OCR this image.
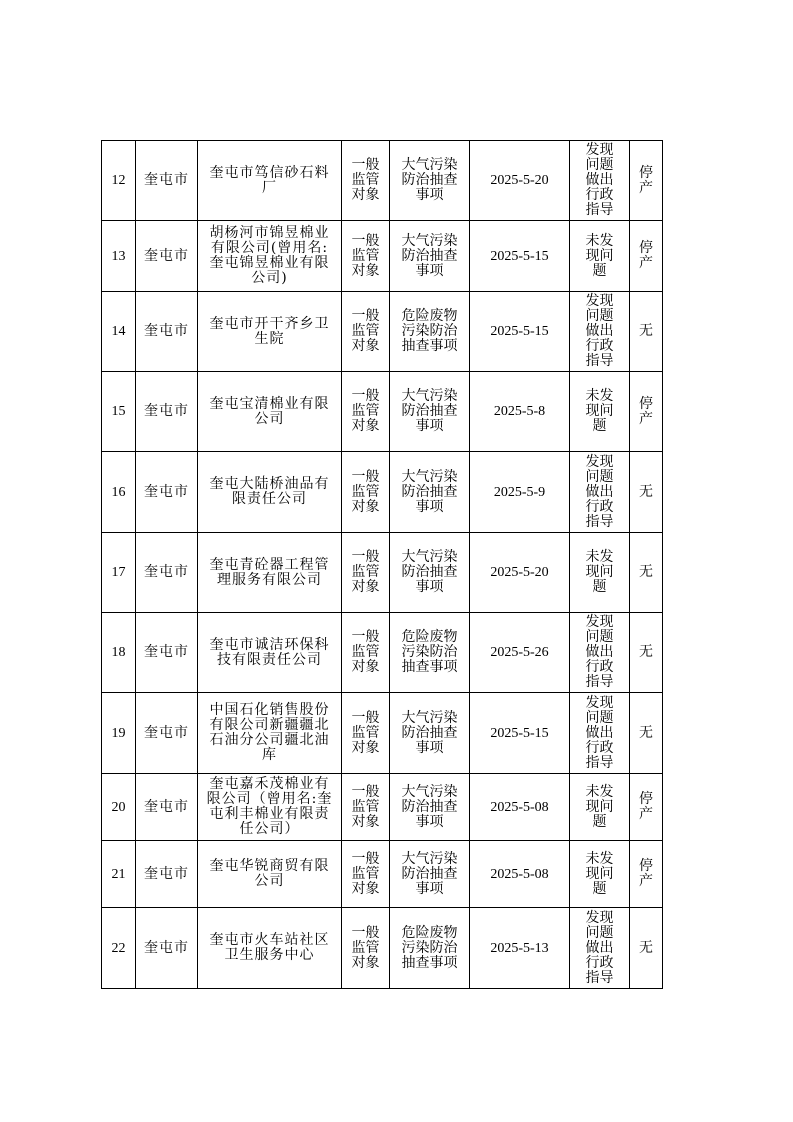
12	奎屯市	奎屯市笃信砂石料厂	一般监管对象	大气污染防治抽查事项	2025-5-20	发现问题做出行政指导	停产
13	奎屯市	胡杨河市锦昱棉业有限公司(曾用名:奎屯锦昱棉业有限公司)	一般监管对象	大气污染防治抽查事项	2025-5-15	未发现问题	停产
14	奎屯市	奎屯市开干齐乡卫生院	一般监管对象	危险废物污染防治抽查事项	2025-5-15	发现问题做出行政指导	无
15	奎屯市	奎屯宝清棉业有限公司	一般监管对象	大气污染防治抽查事项	2025-5-8	未发现问题	停产
16	奎屯市	奎屯大陆桥油品有限责任公司	一般监管对象	大气污染防治抽查事项	2025-5-9	发现问题做出行政指导	无
17	奎屯市	奎屯青砼器工程管理服务有限公司	一般监管对象	大气污染防治抽查事项	2025-5-20	未发现问题	无
18	奎屯市	奎屯市诚洁环保科技有限责任公司	一般监管对象	危险废物污染防治抽查事项	2025-5-26	发现问题做出行政指导	无
19	奎屯市	中国石化销售股份有限公司新疆疆北石油分公司疆北油库	一般监管对象	大气污染防治抽查事项	2025-5-15	发现问题做出行政指导	无
20	奎屯市	奎屯嘉禾茂棉业有限公司（曾用名:奎屯利丰棉业有限责任公司）	一般监管对象	大气污染防治抽查事项	2025-5-08	未发现问题	停产
21	奎屯市	奎屯华锐商贸有限公司	一般监管对象	大气污染防治抽查事项	2025-5-08	未发现问题	停产
22	奎屯市	奎屯市火车站社区卫生服务中心	一般监管对象	危险废物污染防治抽查事项	2025-5-13	发现问题做出行政指导	无
